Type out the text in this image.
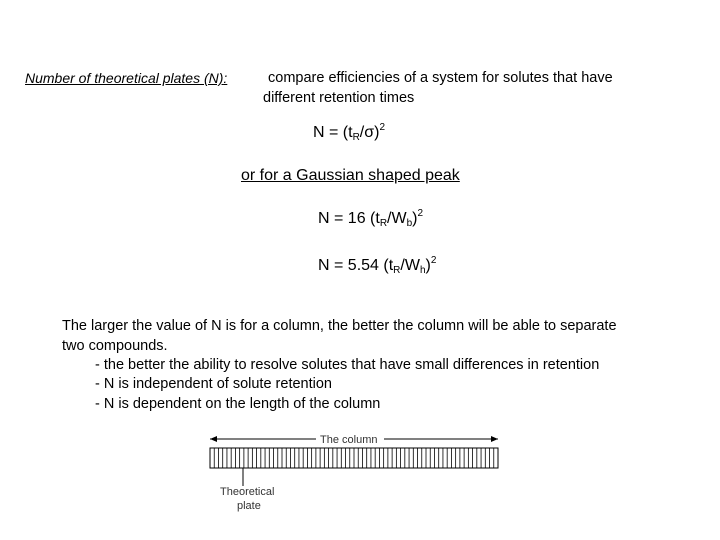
Number of theoretical plates (N):	compare efficiencies of a system for solutes that have
different retention times
$N = (t_R/\sigma)^2$
or for a Gaussian shaped peak
N = 16 $(t_R/W_b)^2$
N = 5.54 $(t_R/W_h)^2$
The larger the value of N is for a column, the better the column will be able to separate
two compounds.
- the better the ability to resolve solutes that have small differences in retention
- N is independent of solute retention
- N is dependent on the length of the column
The column
Theoretical
plate
